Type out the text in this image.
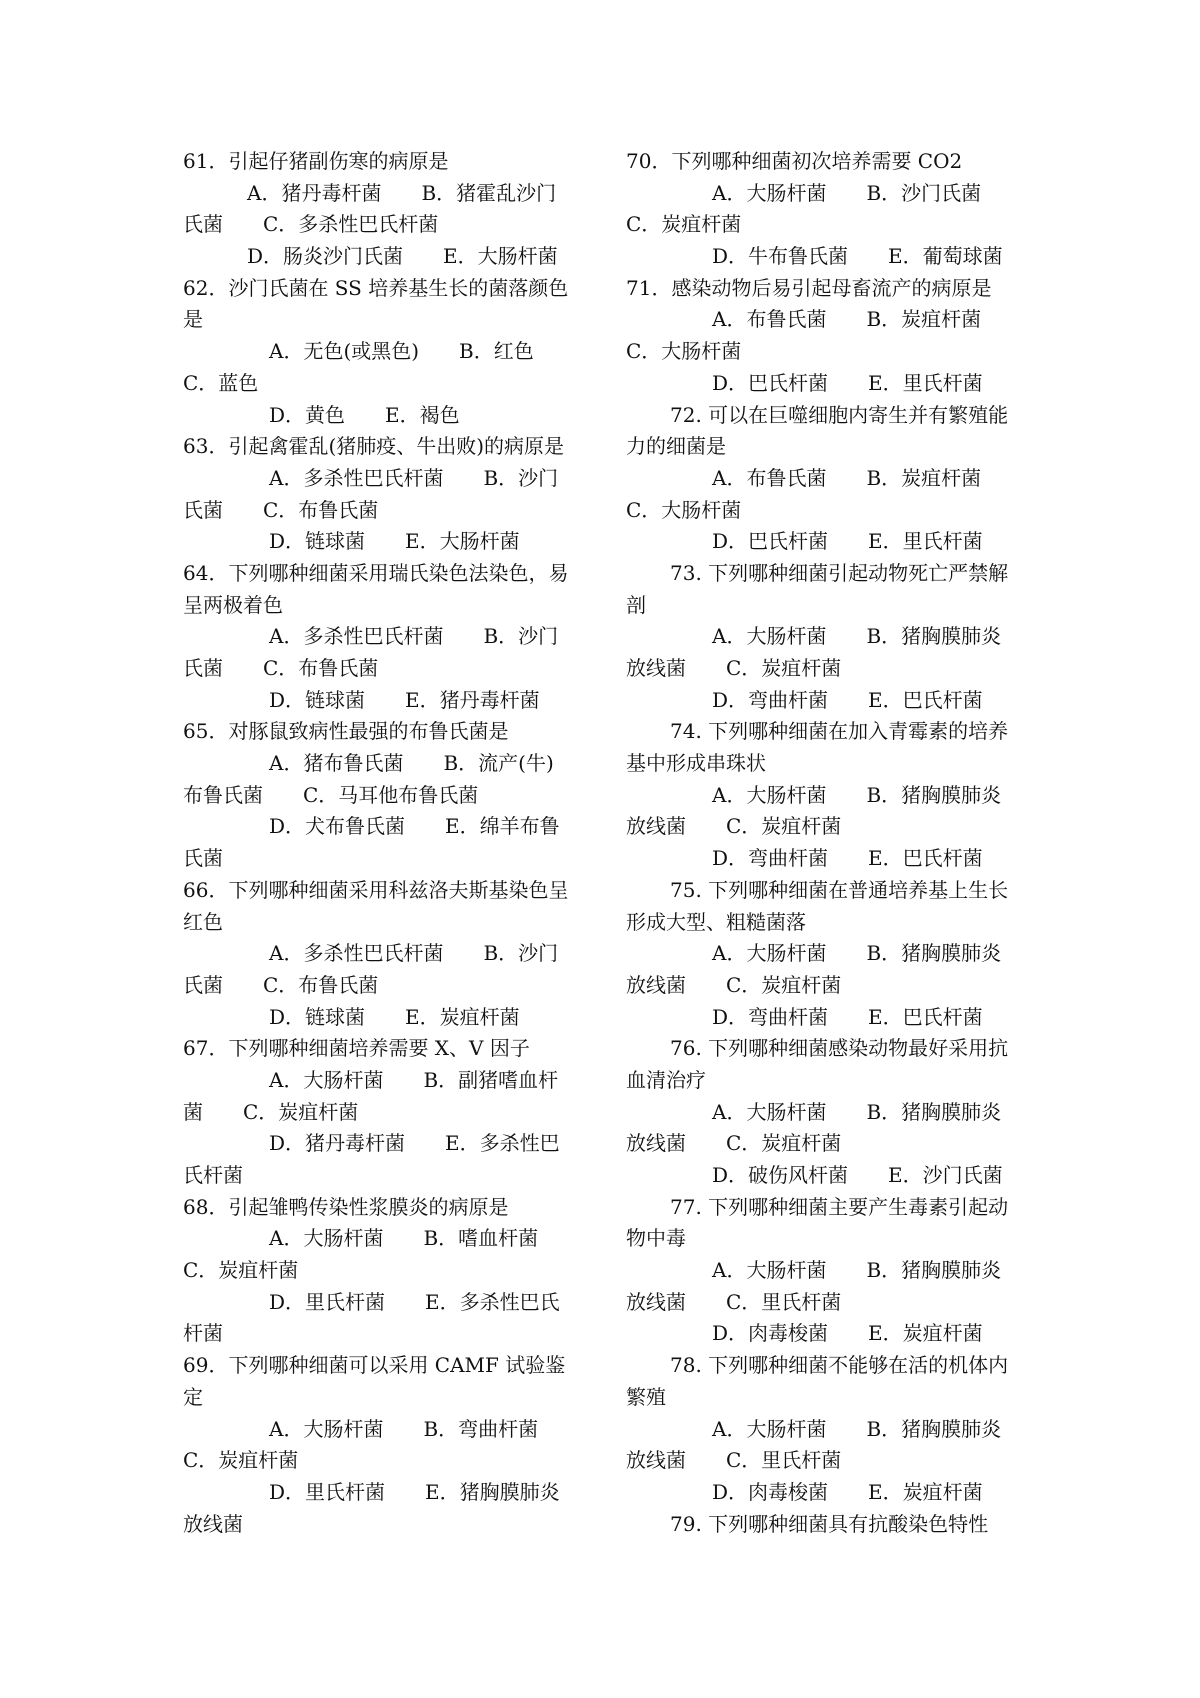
61．引起仔猪副伤寒的病原是
A．猪丹毒杆菌　　B．猪霍乱沙门
氏菌　　C．多杀性巴氏杆菌
D．肠炎沙门氏菌　　E．大肠杆菌
62．沙门氏菌在 SS 培养基生长的菌落颜色
是
A．无色(或黑色)　　B．红色
C．蓝色
D．黄色　　E．褐色
63．引起禽霍乱(猪肺疫、牛出败)的病原是
A．多杀性巴氏杆菌　　B．沙门
氏菌　　C．布鲁氏菌
D．链球菌　　E．大肠杆菌
64．下列哪种细菌采用瑞氏染色法染色，易
呈两极着色
A．多杀性巴氏杆菌　　B．沙门
氏菌　　C．布鲁氏菌
D．链球菌　　E．猪丹毒杆菌
65．对豚鼠致病性最强的布鲁氏菌是
A．猪布鲁氏菌　　B．流产(牛)
布鲁氏菌　　C．马耳他布鲁氏菌
D．犬布鲁氏菌　　E．绵羊布鲁
氏菌
66．下列哪种细菌采用科兹洛夫斯基染色呈
红色
A．多杀性巴氏杆菌　　B．沙门
氏菌　　C．布鲁氏菌
D．链球菌　　E．炭疽杆菌
67．下列哪种细菌培养需要 X、V 因子
A．大肠杆菌　　B．副猪嗜血杆
菌　　C．炭疽杆菌
D．猪丹毒杆菌　　E．多杀性巴
氏杆菌
68．引起雏鸭传染性浆膜炎的病原是
A．大肠杆菌　　B．嗜血杆菌
C．炭疽杆菌
D．里氏杆菌　　E．多杀性巴氏
杆菌
69．下列哪种细菌可以采用 CAMF 试验鉴
定
A．大肠杆菌　　B．弯曲杆菌
C．炭疽杆菌
D．里氏杆菌　　E．猪胸膜肺炎
放线菌
70．下列哪种细菌初次培养需要 CO2
A．大肠杆菌　　B．沙门氏菌
C．炭疽杆菌
D．牛布鲁氏菌　　E．葡萄球菌
71．感染动物后易引起母畜流产的病原是
A．布鲁氏菌　　B．炭疽杆菌
C．大肠杆菌
D．巴氏杆菌　　E．里氏杆菌
72. 可以在巨噬细胞内寄生并有繁殖能
力的细菌是
A．布鲁氏菌　　B．炭疽杆菌
C．大肠杆菌
D．巴氏杆菌　　E．里氏杆菌
73. 下列哪种细菌引起动物死亡严禁解
剖
A．大肠杆菌　　B．猪胸膜肺炎
放线菌　　C．炭疽杆菌
D．弯曲杆菌　　E．巴氏杆菌
74. 下列哪种细菌在加入青霉素的培养
基中形成串珠状
A．大肠杆菌　　B．猪胸膜肺炎
放线菌　　C．炭疽杆菌
D．弯曲杆菌　　E．巴氏杆菌
75. 下列哪种细菌在普通培养基上生长
形成大型、粗糙菌落
A．大肠杆菌　　B．猪胸膜肺炎
放线菌　　C．炭疽杆菌
D．弯曲杆菌　　E．巴氏杆菌
76. 下列哪种细菌感染动物最好采用抗
血清治疗
A．大肠杆菌　　B．猪胸膜肺炎
放线菌　　C．炭疽杆菌
D．破伤风杆菌　　E．沙门氏菌
77. 下列哪种细菌主要产生毒素引起动
物中毒
A．大肠杆菌　　B．猪胸膜肺炎
放线菌　　C．里氏杆菌
D．肉毒梭菌　　E．炭疽杆菌
78. 下列哪种细菌不能够在活的机体内
繁殖
A．大肠杆菌　　B．猪胸膜肺炎
放线菌　　C．里氏杆菌
D．肉毒梭菌　　E．炭疽杆菌
79. 下列哪种细菌具有抗酸染色特性
